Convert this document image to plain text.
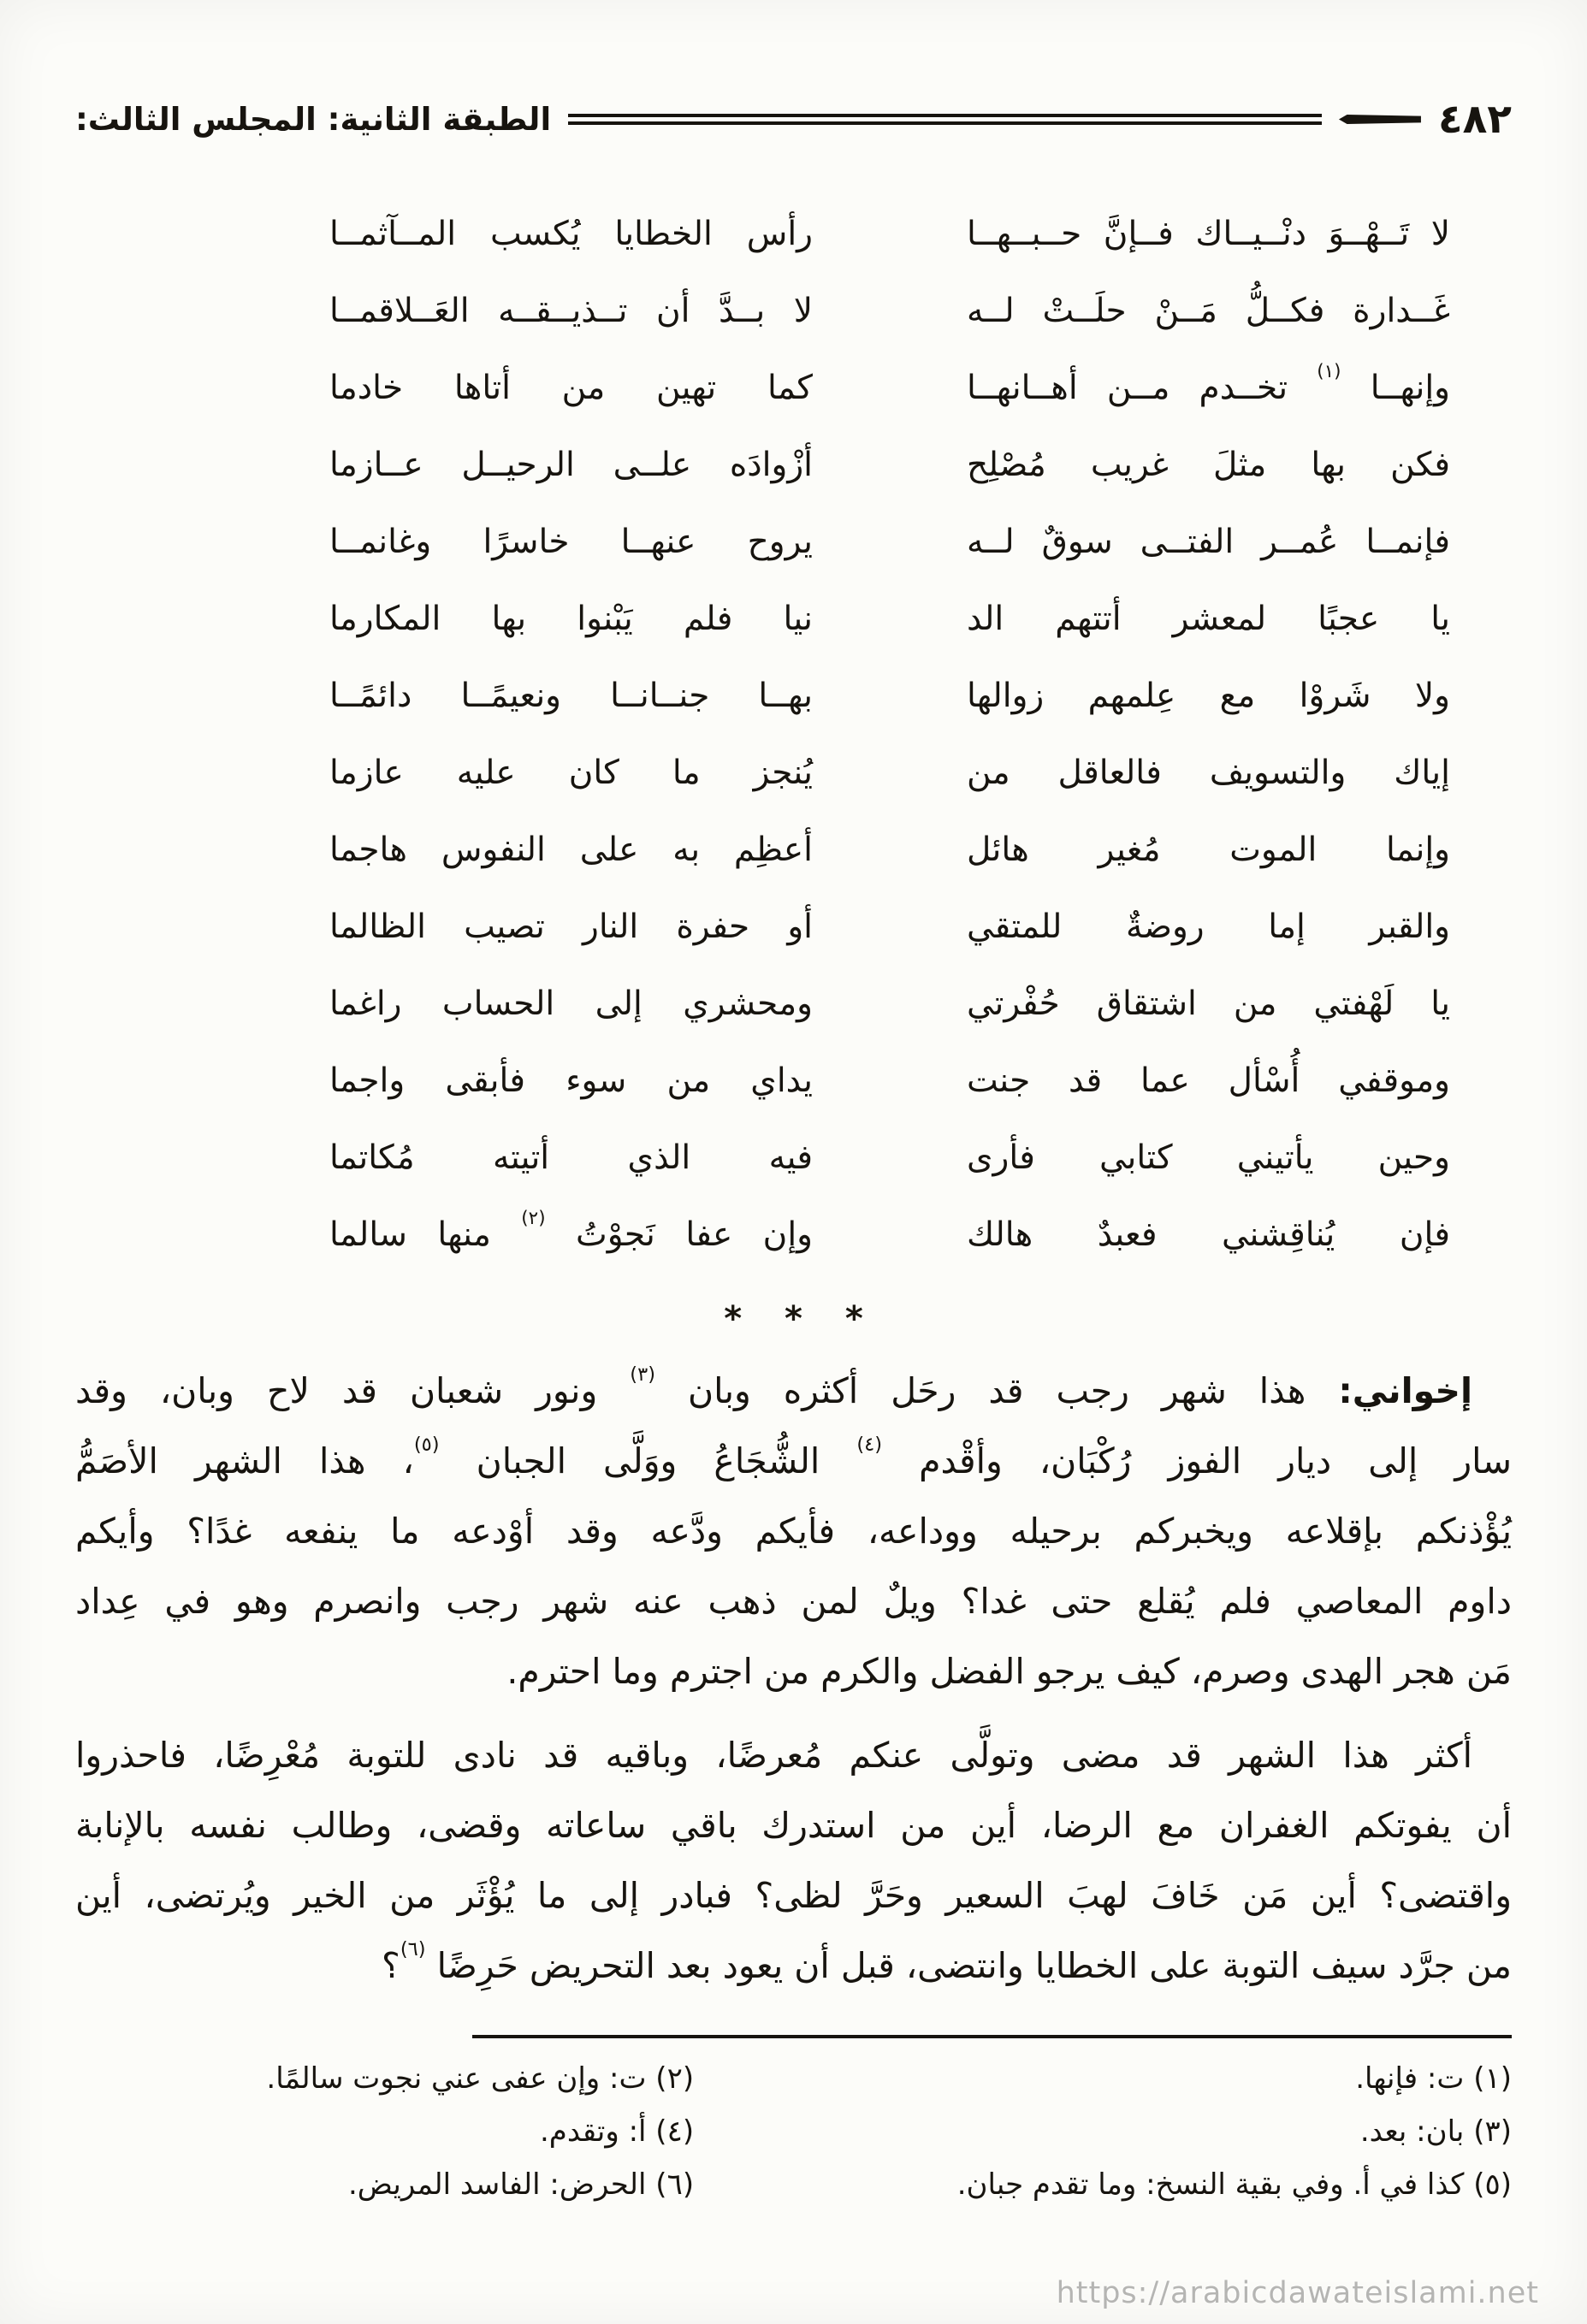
٤٨٢
الطبقة الثانية: المجلس الثالث:
لا تَــهْــوَ دنْــيــاك فــإنَّ حــبــهــا
رأس الخطايا يُكسب المــآثمــا
غَــدارة فكــلُّ مَــنْ حلَــتْ لــه
لا بــدَّ أن تــذيــقــه العَــلاقمــا
وإنهــا $^{(١)}$ تخــدم مــن أهــانهــا
كما تهين من أتاها خادما
فكن بها مثلَ غريب مُصْلِح
أزْوادَه علــى الرحيــل عــازما
فإنمــا عُمــر الفتــى سوقٌ لــه
يروح عنهــا خاسرًا وغانمــا
يا عجبًا لمعشر أتتهم الد
نيا فلم يَبْنوا بها المكارما
ولا شَروْا مع عِلمهم زوالها
بهــا جنــانــا ونعيمًــا دائمًــا
إياك والتسويف فالعاقل من
يُنجز ما كان عليه عازما
وإنما الموت مُغير هائل
أعظِم به على النفوس هاجما
والقبر إما روضةٌ للمتقي
أو حفرة النار تصيب الظالما
يا لَهْفتي من اشتقاق حُفْرتي
ومحشري إلى الحساب راغما
وموقفي أُسْأل عما قد جنت
يداي من سوء فأبقى واجما
وحين يأتيني كتابي فأرى
فيه الذي أتيته مُكاتما
فإن يُناقِشني فعبدٌ هالك
وإن عفا نَجوْتُ $^{(٢)}$ منها سالما
* * *
إخواني: هذا شهر رجب قد رحَل أكثره وبان $^{(٣)}$ ونور شعبان قد لاح وبان، وقد
سار إلى ديار الفوز رُكْبَان، وأقْدم $^{(٤)}$ الشُّجَاعُ ووَلَّى الجبان $^{(٥)}$، هذا الشهر الأصَمُّ
يُؤْذنكم بإقلاعه ويخبركم برحيله ووداعه، فأيكم ودَّعه وقد أوْدعه ما ينفعه غدًا؟ وأيكم
داوم المعاصي فلم يُقلع حتى غدا؟ ويلٌ لمن ذهب عنه شهر رجب وانصرم وهو في عِداد
مَن هجر الهدى وصرم، كيف يرجو الفضل والكرم من اجترم وما احترم.
أكثر هذا الشهر قد مضى وتولَّى عنكم مُعرضًا، وباقيه قد نادى للتوبة مُعْرِضًا، فاحذروا
أن يفوتكم الغفران مع الرضا، أين من استدرك باقي ساعاته وقضى، وطالب نفسه بالإنابة
واقتضى؟ أين مَن خَافَ لهبَ السعير وحَرَّ لظى؟ فبادر إلى ما يُؤْثَر من الخير ويُرتضى، أين
من جرَّد سيف التوبة على الخطايا وانتضى، قبل أن يعود بعد التحريض حَرِضًا $^{(٦)}$؟
(١) ت: فإنها.
(٢) ت: وإن عفى عني نجوت سالمًا.
(٣) بان: بعد.
(٤) أ: وتقدم.
(٥) كذا في أ. وفي بقية النسخ: وما تقدم جبان.
(٦) الحرض: الفاسد المريض.
https://arabicdawateislami.net
